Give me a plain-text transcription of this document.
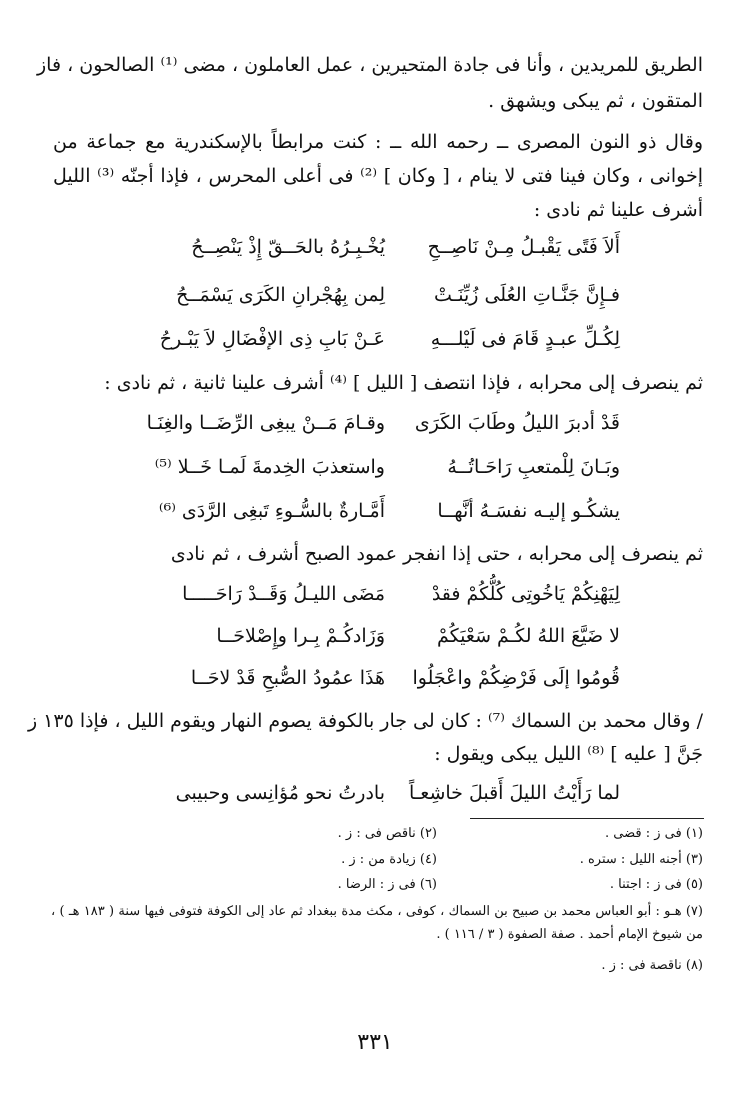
الطريق للمريدين ، وأنا فى جادة المتحيرين ، عمل العاملون ، مضى ⁽¹⁾ الصالحون ، فاز
المتقون ، ثم يبكى ويشهق .

وقال ذو النون المصرى ــ رحمه الله ــ : كنت مرابطاً بالإسكندرية مع جماعة من إخوانى ، وكان فينا فتى لا ينام ، [ وكان ] ⁽²⁾ فى أعلى المحرس ، فإذا أجنّه ⁽³⁾ الليل أشرف علينا ثم نادى :

أَلاَ فَتًى يَقْبـلُ مِـنْ نَاصِــحِ
يُخْـبِـرُهُ بالحَــقّ إِذْ يَنْصِــحُ
فـإِنَّ جَنَّـاتِ العُلَى زُيِّنَـتْ
لِمن بِهُجْرانِ الكَرَى يَسْمَــحُ
لِكُـلِّ عبـدٍ قَامَ فى لَيْلـــهِ
عَـنْ بَابِ ذِى الإفْضَالِ لاَ يَبْـرحُ
ثم ينصرف إلى محرابه ، فإذا انتصف [ الليل ] ⁽⁴⁾ أشرف علينا ثانية ، ثم نادى :
قَدْ أدبرَ الليلُ وطَابَ الكَرَى
وقـامَ مَــنْ يبغِى الرِّضَــا والغِنَـا
وبَـانَ لِلْمتعبِ رَاحَـاتُــهُ
واستعذبَ الخِدمةَ لَمـا خَــلا ⁽⁵⁾
يشكُـو إليـه نفسَـهُ أنَّهــا
أَمَّـارةٌ بالسُّـوءِ تَبغِى الرَّدَى ⁽⁶⁾
ثم ينصرف إلى محرابه ، حتى إذا انفجر عمود الصبح أشرف ، ثم نادى
لِيَهْنِكُمْ يَاخُوتِى كُلُّكُمْ فقدْ
مَضَى الليـلُ وَقَــدْ رَاحَـــــا
لا ضَيَّعَ اللهُ لكُـمْ سَعْيَكُمْ
وَزَادكُـمْ بِـرا وإِصْلاحَــا
قُومُوا إلَى فَرْضِكُمْ واعْجَلُوا
هَذَا عمُودُ الصُّبحِ قَدْ لاحَــا
/ وقال محمد بن السماك ⁽⁷⁾ : كان لى جار بالكوفة يصوم النهار ويقوم الليل ، فإذا ١٣٥ ز
جَنَّ [ عليه ] ⁽⁸⁾ الليل يبكى ويقول :
لما رَأَيْتُ الليلَ أَقبلَ خاشِعـاً
بادرتُ نحو مُؤانِسى وحبيبى
(١) فى ز : قضى .
(٢) ناقص فى : ز .
(٣) أجنه الليل : ستره .
(٤) زيادة من : ز .
(٥) فى ز : اجتنا .
(٦) فى ز : الرضا .
(٧) هـو : أبو العباس محمد بن صبيح بن السماك ، كوفى ، مكث مدة ببغداد ثم عاد إلى الكوفة فتوفى فيها سنة ( ١٨٣ هـ ) ، من شيوخ الإمام أحمد . صفة الصفوة ( ٣ / ١١٦ ) .
(٨) ناقصة فى : ز .
٣٣١
